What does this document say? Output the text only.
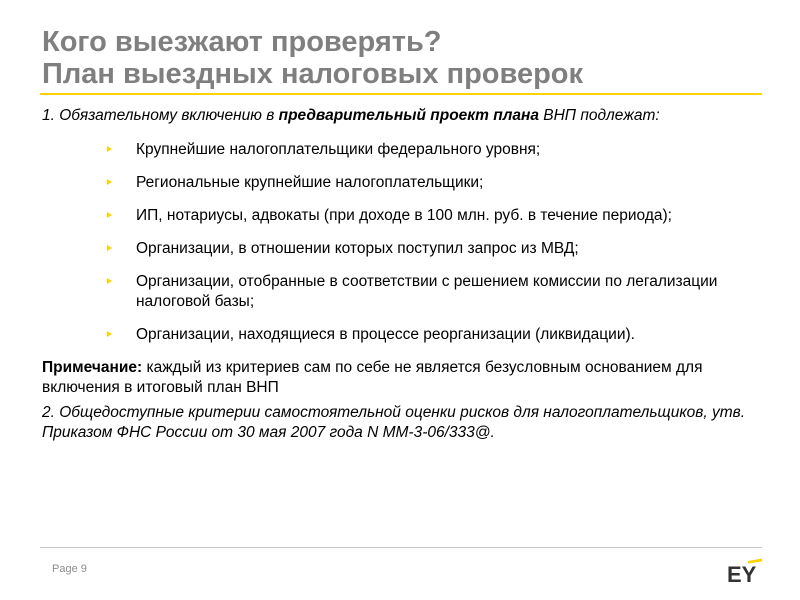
Кого выезжают проверять?
План выездных налоговых проверок

1. Обязательному включению в предварительный проект плана ВНП подлежат:

Крупнейшие налогоплательщики федерального уровня;
Региональные крупнейшие налогоплательщики;
ИП, нотариусы, адвокаты (при доходе в 100 млн. руб. в течение периода);
Организации, в отношении которых поступил запрос из МВД;
Организации, отобранные в соответствии с решением комиссии по легализации налоговой базы;
Организации, находящиеся в процессе реорганизации (ликвидации).

Примечание: каждый из критериев сам по себе не является безусловным основанием для включения в итоговый план ВНП

2. Общедоступные критерии самостоятельной оценки рисков для налогоплательщиков, утв. Приказом ФНС России от 30 мая 2007 года N ММ-3-06/333@.

Page 9	EY
